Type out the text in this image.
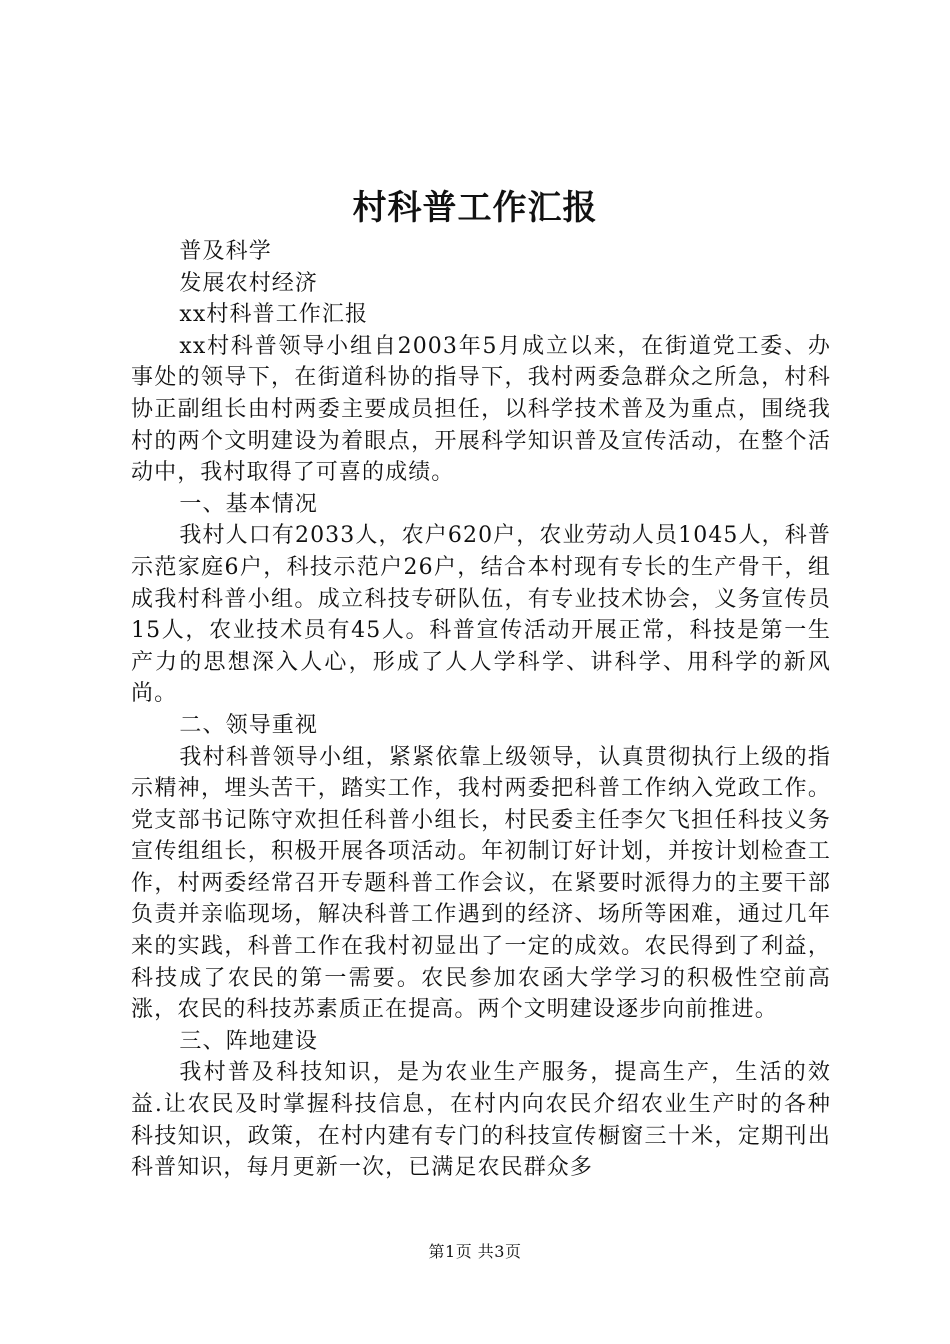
村科普工作汇报

普及科学

发展农村经济

xx村科普工作汇报

xx村科普领导小组自2003年5月成立以来，在街道党工委、办事处的领导下，在街道科协的指导下，我村两委急群众之所急，村科协正副组长由村两委主要成员担任，以科学技术普及为重点，围绕我村的两个文明建设为着眼点，开展科学知识普及宣传活动，在整个活动中，我村取得了可喜的成绩。

一、基本情况

我村人口有2033人，农户620户，农业劳动人员1045人，科普示范家庭6户，科技示范户26户，结合本村现有专长的生产骨干，组成我村科普小组。成立科技专研队伍，有专业技术协会，义务宣传员15人，农业技术员有45人。科普宣传活动开展正常，科技是第一生产力的思想深入人心，形成了人人学科学、讲科学、用科学的新风尚。

二、领导重视

我村科普领导小组，紧紧依靠上级领导，认真贯彻执行上级的指示精神，埋头苦干，踏实工作，我村两委把科普工作纳入党政工作。党支部书记陈守欢担任科普小组长，村民委主任李欠飞担任科技义务宣传组组长，积极开展各项活动。年初制订好计划，并按计划检查工作，村两委经常召开专题科普工作会议，在紧要时派得力的主要干部负责并亲临现场，解决科普工作遇到的经济、场所等困难，通过几年来的实践，科普工作在我村初显出了一定的成效。农民得到了利益，科技成了农民的第一需要。农民参加农函大学学习的积极性空前高涨，农民的科技苏素质正在提高。两个文明建设逐步向前推进。

三、阵地建设

我村普及科技知识，是为农业生产服务，提高生产，生活的效益.让农民及时掌握科技信息，在村内向农民介绍农业生产时的各种科技知识，政策，在村内建有专门的科技宣传橱窗三十米，定期刊出科普知识，每月更新一次，已满足农民群众多

第1页 共3页
